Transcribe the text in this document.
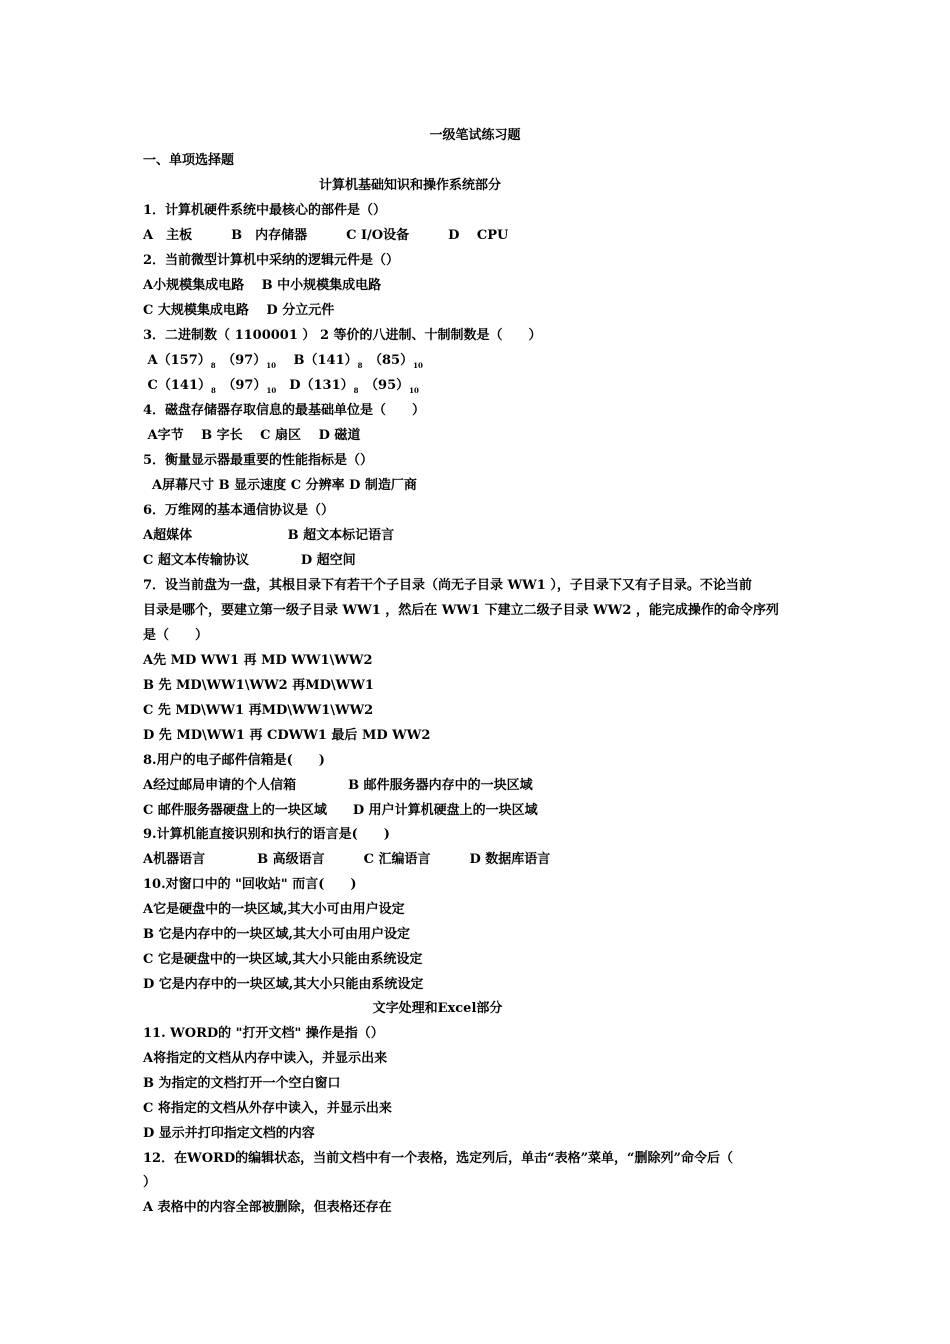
一级笔试练习题
一、单项选择题
计算机基础知识和操作系统部分
1．计算机硬件系统中最核心的部件是（）
A　主板　　　B　内存储器　　　C I/O设备　　　D　 CPU
2．当前微型计算机中采纳的逻辑元件是（）
A小规模集成电路　 B 中小规模集成电路
C 大规模集成电路　 D 分立元件
3．二进制数（ 1100001 ） 2 等价的八进制、十制制数是（　　）
$A(157)_8$　$(97)_{10}$　 $B(141)_8$　$(85)_{10}$
$C(141)_8$　$(97)_{10}$　$D(131)_8$　$(95)_{10}$
4．磁盘存储器存取信息的最基础单位是（　　）
A字节　 B 字长　 C 扇区　 D 磁道
5．衡量显示器最重要的性能指标是（）
A屏幕尺寸 B 显示速度 C 分辨率 D 制造厂商
6．万维网的基本通信协议是（）
A超媒体　　　　　　　 B 超文本标记语言
C 超文本传输协议　　　　D 超空间
7．设当前盘为一盘，其根目录下有若干个子目录（尚无子目录 WW1 ），子目录下又有子目录。不论当前
目录是哪个，要建立第一级子目录 WW1 ，然后在 WW1 下建立二级子目录 WW2 ，能完成操作的命令序列
是（　　）
A先 MD WW1 再 MD WW1\WW2
B 先 MD\WW1\WW2 再MD\WW1
C 先 MD\WW1 再MD\WW1\WW2
D 先 MD\WW1 再 CDWW1 最后 MD WW2
8.用户的电子邮件信箱是(　　)
A经过邮局申请的个人信箱　　　　B 邮件服务器内存中的一块区域
C 邮件服务器硬盘上的一块区域　　D 用户计算机硬盘上的一块区域
9.计算机能直接识别和执行的语言是(　　)
A机器语言　　　　B 高级语言　　　C 汇编语言　　　D 数据库语言
10.对窗口中的 "回收站" 而言(　　)
A它是硬盘中的一块区域,其大小可由用户设定
B 它是内存中的一块区域,其大小可由用户设定
C 它是硬盘中的一块区域,其大小只能由系统设定
D 它是内存中的一块区域,其大小只能由系统设定
文字处理和Excel部分
11. WORD的 "打开文档" 操作是指（）
A将指定的文档从内存中读入，并显示出来
B 为指定的文档打开一个空白窗口
C 将指定的文档从外存中读入，并显示出来
D 显示并打印指定文档的内容
12．在WORD的编辑状态，当前文档中有一个表格，选定列后，单击“表格”菜单，“删除列”命令后（
）
A 表格中的内容全部被删除，但表格还存在
